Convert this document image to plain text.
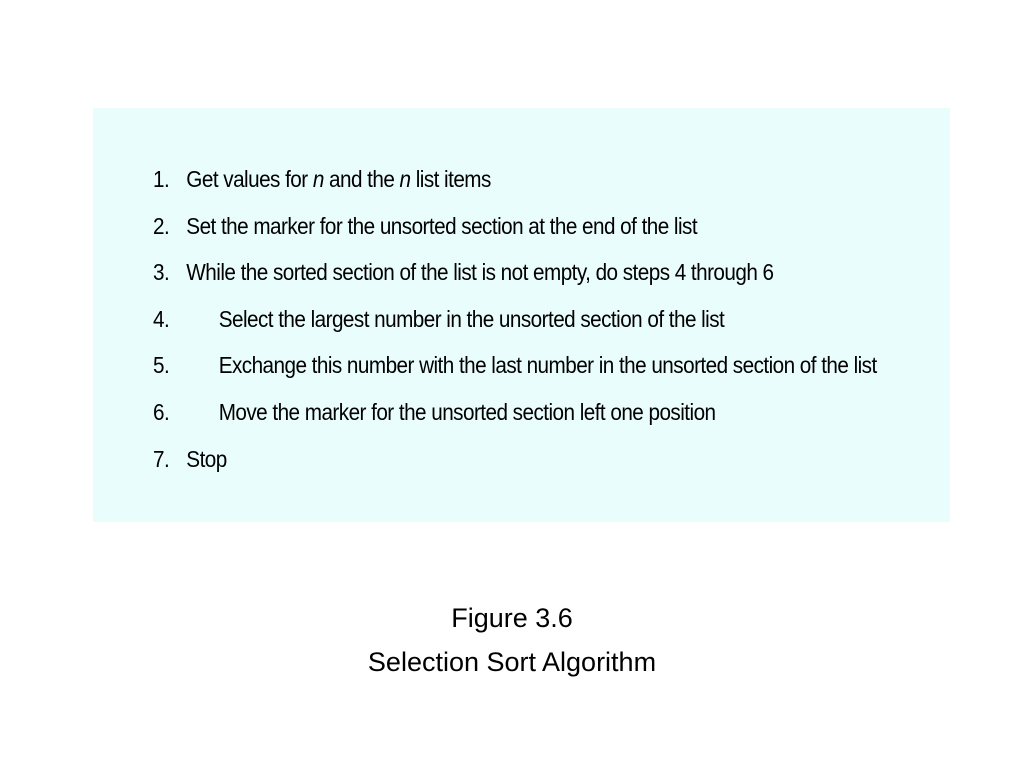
1. Get values for n and the n list items
2. Set the marker for the unsorted section at the end of the list
3. While the sorted section of the list is not empty, do steps 4 through 6
4.	Select the largest number in the unsorted section of the list
5.	Exchange this number with the last number in the unsorted section of the list
6.	Move the marker for the unsorted section left one position
7. Stop
Figure 3.6
Selection Sort Algorithm
